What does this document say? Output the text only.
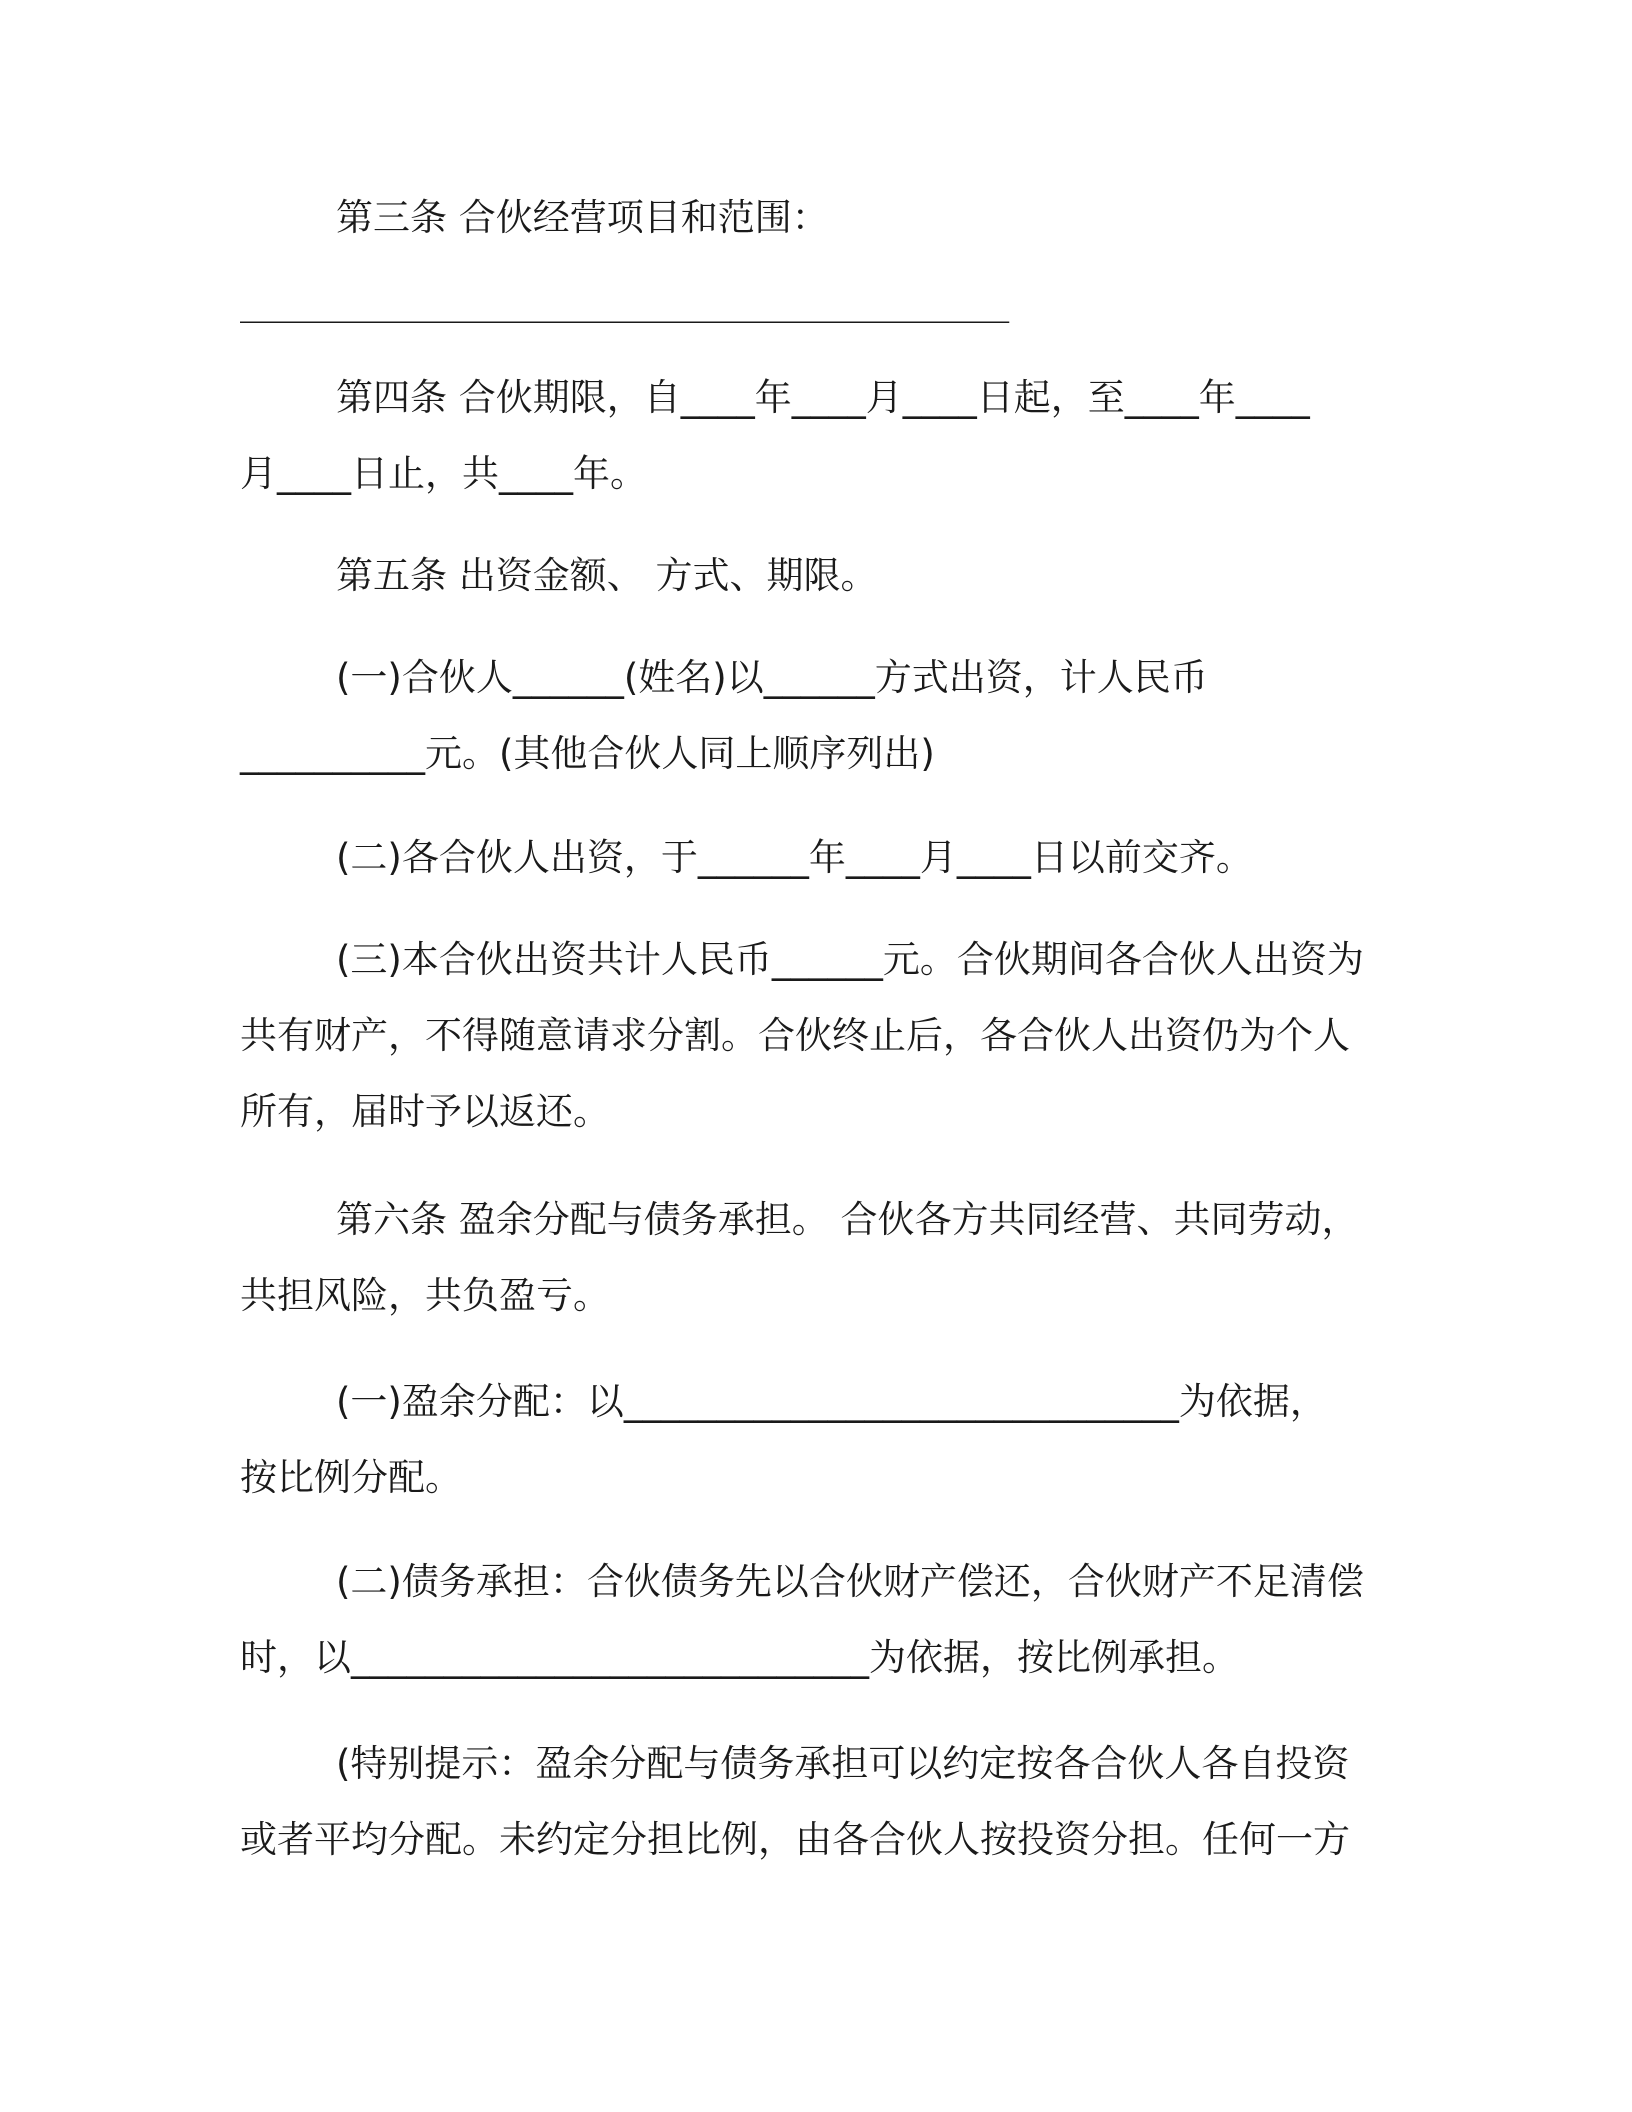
第三条 合伙经营项目和范围：

第四条 合伙期限，自____年____月____日起，至____年____
月____日止，共____年。

第五条 出资金额、 方式、期限。

(一)合伙人______(姓名)以______方式出资，计人民币
__________元。(其他合伙人同上顺序列出)

(二)各合伙人出资，于______年____月____日以前交齐。

(三)本合伙出资共计人民币______元。合伙期间各合伙人出资为
共有财产，不得随意请求分割。合伙终止后，各合伙人出资仍为个人
所有，届时予以返还。

第六条 盈余分配与债务承担。 合伙各方共同经营、共同劳动，
共担风险，共负盈亏。

(一)盈余分配：以______________________________为依据，
按比例分配。

(二)债务承担：合伙债务先以合伙财产偿还，合伙财产不足清偿
时，以____________________________为依据，按比例承担。

(特别提示：盈余分配与债务承担可以约定按各合伙人各自投资
或者平均分配。未约定分担比例，由各合伙人按投资分担。任何一方

_________________________________________
